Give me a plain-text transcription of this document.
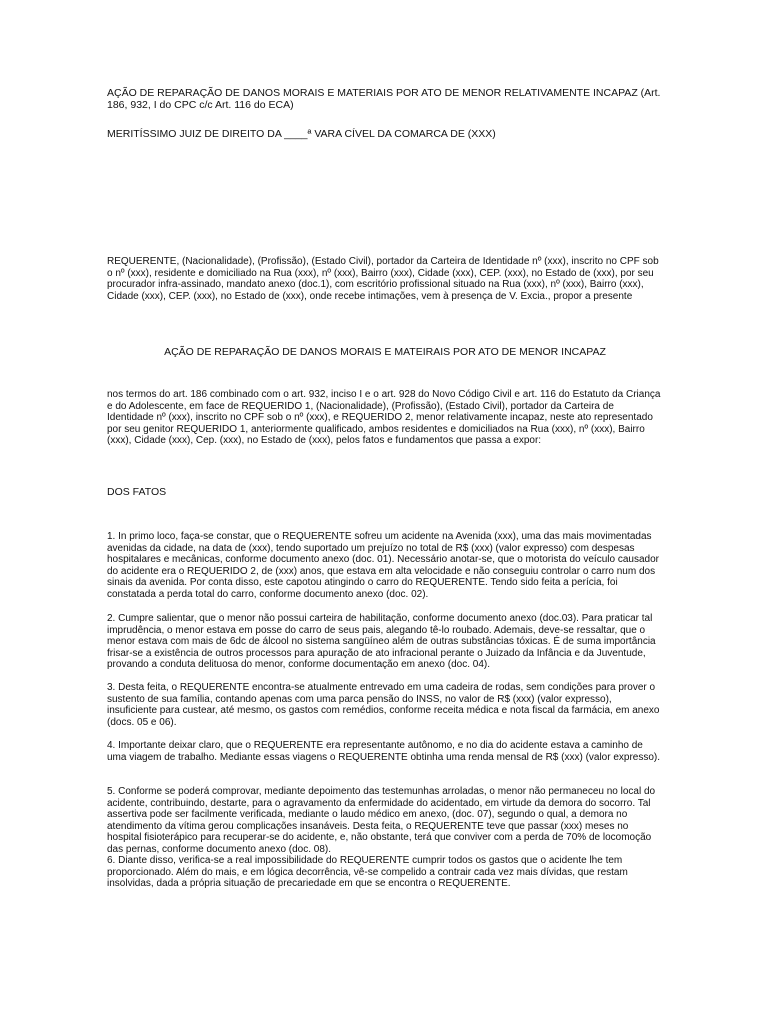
AÇÃO DE REPARAÇÃO DE DANOS MORAIS E MATERIAIS POR ATO DE MENOR RELATIVAMENTE INCAPAZ (Art. 186, 932, I do CPC c/c Art. 116 do ECA)

MERITÍSSIMO JUIZ DE DIREITO DA ____ª VARA CÍVEL DA COMARCA DE (XXX)

REQUERENTE, (Nacionalidade), (Profissão), (Estado Civil), portador da Carteira de Identidade nº (xxx), inscrito no CPF sob o nº (xxx), residente e domiciliado na Rua (xxx), nº (xxx), Bairro (xxx), Cidade (xxx), CEP. (xxx), no Estado de (xxx), por seu procurador infra-assinado, mandato anexo (doc.1), com escritório profissional situado na Rua (xxx), nº (xxx), Bairro (xxx), Cidade (xxx), CEP. (xxx), no Estado de (xxx), onde recebe intimações, vem à presença de V. Excia., propor a presente

AÇÃO DE REPARAÇÃO DE DANOS MORAIS E MATEIRAIS POR ATO DE MENOR INCAPAZ

nos termos do art. 186 combinado com o art. 932, inciso I e o art. 928 do Novo Código Civil e art. 116 do Estatuto da Criança e do Adolescente, em face de REQUERIDO 1, (Nacionalidade), (Profissão), (Estado Civil), portador da Carteira de Identidade nº (xxx), inscrito no CPF sob o nº (xxx), e REQUERIDO 2, menor relativamente incapaz, neste ato representado por seu genitor REQUERIDO 1, anteriormente qualificado, ambos residentes e domiciliados na Rua (xxx), nº (xxx), Bairro (xxx), Cidade (xxx), Cep. (xxx), no Estado de (xxx), pelos fatos e fundamentos que passa a expor:

DOS FATOS

1. In primo loco, faça-se constar, que o REQUERENTE sofreu um acidente na Avenida (xxx), uma das mais movimentadas avenidas da cidade, na data de (xxx), tendo suportado um prejuízo no total de R$ (xxx) (valor expresso) com despesas hospitalares e mecânicas, conforme documento anexo (doc. 01). Necessário anotar-se, que o motorista do veículo causador do acidente era o REQUERIDO 2, de (xxx) anos, que estava em alta velocidade e não conseguiu controlar o carro num dos sinais da avenida. Por conta disso, este capotou atingindo o carro do REQUERENTE. Tendo sido feita a perícia, foi constatada a perda total do carro, conforme documento anexo (doc. 02).

2. Cumpre salientar, que o menor não possui carteira de habilitação, conforme documento anexo (doc.03). Para praticar tal imprudência, o menor estava em posse do carro de seus pais, alegando tê-lo roubado. Ademais, deve-se ressaltar, que o menor estava com mais de 6dc de álcool no sistema sangüíneo além de outras substâncias tóxicas. É de suma importância frisar-se a existência de outros processos para apuração de ato infracional perante o Juizado da Infância e da Juventude, provando a conduta delituosa do menor, conforme documentação em anexo (doc. 04).

3. Desta feita, o REQUERENTE encontra-se atualmente entrevado em uma cadeira de rodas, sem condições para prover o sustento de sua família, contando apenas com uma parca pensão do INSS, no valor de R$ (xxx) (valor expresso), insuficiente para custear, até mesmo, os gastos com remédios, conforme receita médica e nota fiscal da farmácia, em anexo (docs. 05 e 06).

4. Importante deixar claro, que o REQUERENTE era representante autônomo, e no dia do acidente estava a caminho de uma viagem de trabalho. Mediante essas viagens o REQUERENTE obtinha uma renda mensal de R$ (xxx) (valor expresso).

5. Conforme se poderá comprovar, mediante depoimento das testemunhas arroladas, o menor não permaneceu no local do acidente, contribuindo, destarte, para o agravamento da enfermidade do acidentado, em virtude da demora do socorro. Tal assertiva pode ser facilmente verificada, mediante o laudo médico em anexo, (doc. 07), segundo o qual, a demora no atendimento da vítima gerou complicações insanáveis. Desta feita, o REQUERENTE teve que passar (xxx) meses no hospital fisioterápico para recuperar-se do acidente, e, não obstante, terá que conviver com a perda de 70% de locomoção das pernas, conforme documento anexo (doc. 08).

6. Diante disso, verifica-se a real impossibilidade do REQUERENTE cumprir todos os gastos que o acidente lhe tem proporcionado. Além do mais, e em lógica decorrência, vê-se compelido a contrair cada vez mais dívidas, que restam insolvidas, dada a própria situação de precariedade em que se encontra o REQUERENTE.
